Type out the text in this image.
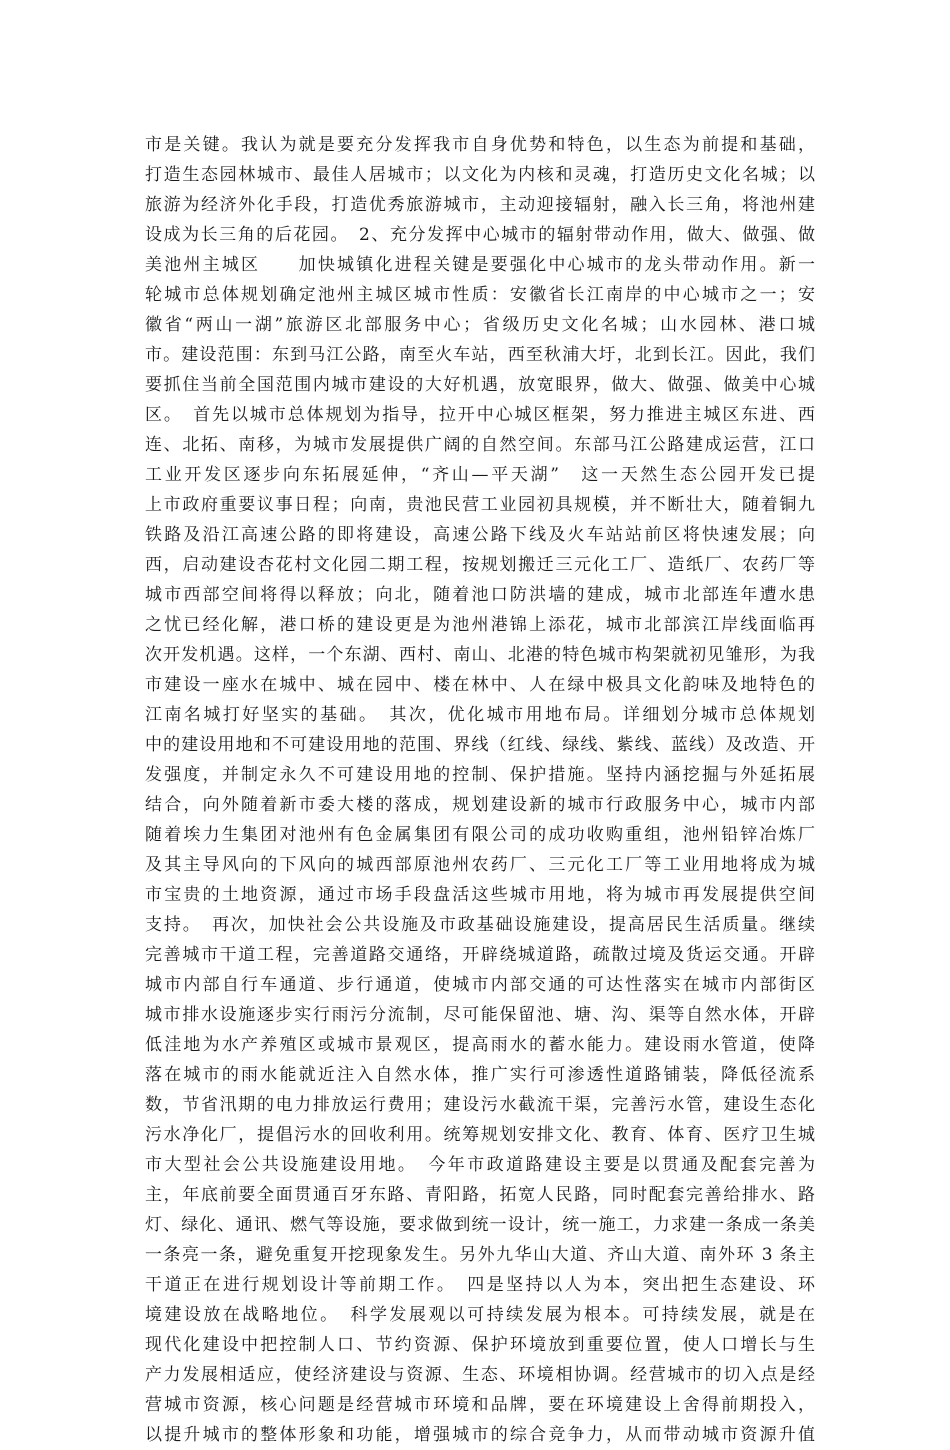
市是关键。我认为就是要充分发挥我市自身优势和特色，以生态为前提和基础，
打造生态园林城市、最佳人居城市；以文化为内核和灵魂，打造历史文化名城；以
旅游为经济外化手段，打造优秀旅游城市，主动迎接辐射，融入长三角，将池州建
设成为长三角的后花园。　2、充分发挥中心城市的辐射带动作用，做大、做强、做
美池州主城区　　加快城镇化进程关键是要强化中心城市的龙头带动作用。新一
轮城市总体规划确定池州主城区城市性质：安徽省长江南岸的中心城市之一；安
徽省“两山一湖”旅游区北部服务中心；省级历史文化名城；山水园林、港口城
市。建设范围：东到马江公路，南至火车站，西至秋浦大圩，北到长江。因此，我们
要抓住当前全国范围内城市建设的大好机遇，放宽眼界，做大、做强、做美中心城
区。　首先以城市总体规划为指导，拉开中心城区框架，努力推进主城区东进、西
连、北拓、南移，为城市发展提供广阔的自然空间。东部马江公路建成运营，江口
工业开发区逐步向东拓展延伸，“齐山—平天湖”　这一天然生态公园开发已提
上市政府重要议事日程；向南，贵池民营工业园初具规模，并不断壮大，随着铜九
铁路及沿江高速公路的即将建设，高速公路下线及火车站站前区将快速发展；向
西，启动建设杏花村文化园二期工程，按规划搬迁三元化工厂、造纸厂、农药厂等
城市西部空间将得以释放；向北，随着池口防洪墙的建成，城市北部连年遭水患
之忧已经化解，港口桥的建设更是为池州港锦上添花，城市北部滨江岸线面临再
次开发机遇。这样，一个东湖、西村、南山、北港的特色城市构架就初见雏形，为我
市建设一座水在城中、城在园中、楼在林中、人在绿中极具文化韵味及地特色的
江南名城打好坚实的基础。　其次，优化城市用地布局。详细划分城市总体规划
中的建设用地和不可建设用地的范围、界线（红线、绿线、紫线、蓝线）及改造、开
发强度，并制定永久不可建设用地的控制、保护措施。坚持内涵挖掘与外延拓展
结合，向外随着新市委大楼的落成，规划建设新的城市行政服务中心，城市内部
随着埃力生集团对池州有色金属集团有限公司的成功收购重组，池州铅锌冶炼厂
及其主导风向的下风向的城西部原池州农药厂、三元化工厂等工业用地将成为城
市宝贵的土地资源，通过市场手段盘活这些城市用地，将为城市再发展提供空间
支持。　再次，加快社会公共设施及市政基础设施建设，提高居民生活质量。继续
完善城市干道工程，完善道路交通络，开辟绕城道路，疏散过境及货运交通。开辟
城市内部自行车通道、步行通道，使城市内部交通的可达性落实在城市内部街区
城市排水设施逐步实行雨污分流制，尽可能保留池、塘、沟、渠等自然水体，开辟
低洼地为水产养殖区或城市景观区，提高雨水的蓄水能力。建设雨水管道，使降
落在城市的雨水能就近注入自然水体，推广实行可渗透性道路铺装，降低径流系
数，节省汛期的电力排放运行费用；建设污水截流干渠，完善污水管，建设生态化
污水净化厂，提倡污水的回收利用。统筹规划安排文化、教育、体育、医疗卫生城
市大型社会公共设施建设用地。　今年市政道路建设主要是以贯通及配套完善为
主，年底前要全面贯通百牙东路、青阳路，拓宽人民路，同时配套完善给排水、路
灯、绿化、通讯、燃气等设施，要求做到统一设计，统一施工，力求建一条成一条美
一条亮一条，避免重复开挖现象发生。另外九华山大道、齐山大道、南外环 3 条主
干道正在进行规划设计等前期工作。　四是坚持以人为本，突出把生态建设、环
境建设放在战略地位。　科学发展观以可持续发展为根本。可持续发展，就是在
现代化建设中把控制人口、节约资源、保护环境放到重要位置，使人口增长与生
产力发展相适应，使经济建设与资源、生态、环境相协调。经营城市的切入点是经
营城市资源，核心问题是经营城市环境和品牌，要在环境建设上舍得前期投入，
以提升城市的整体形象和功能，增强城市的综合竞争力，从而带动城市资源升值
